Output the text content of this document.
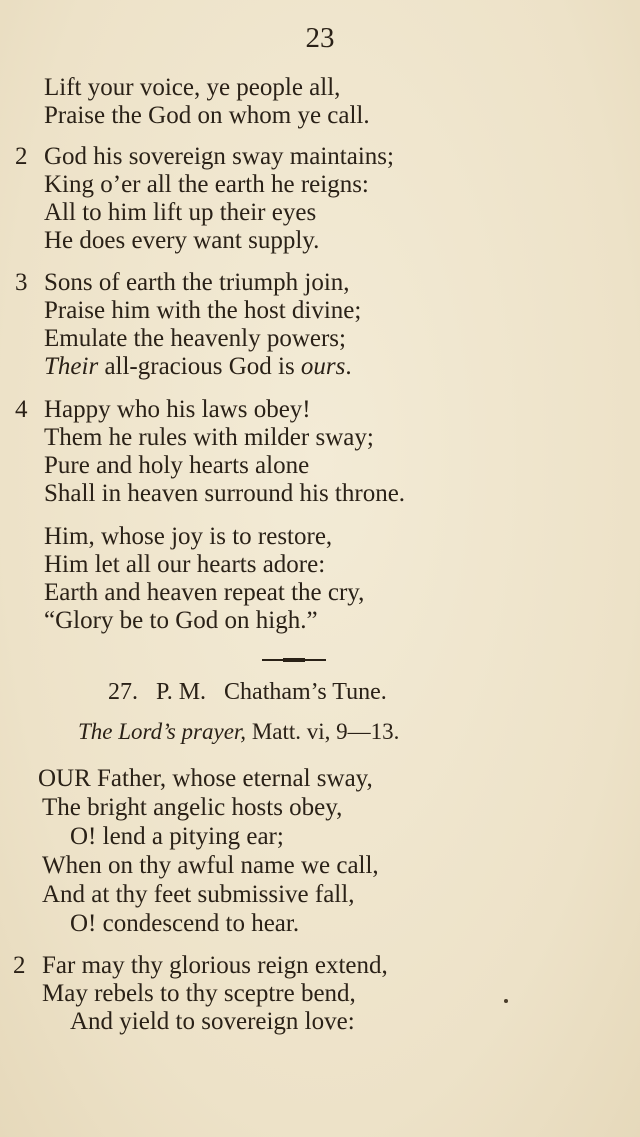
23
Lift your voice, ye people all,
Praise the God on whom ye call.
2 God his sovereign sway maintains;
King o’er all the earth he reigns:
All to him lift up their eyes
He does every want supply.
3 Sons of earth the triumph join,
Praise him with the host divine;
Emulate the heavenly powers;
Their all-gracious God is ours.
4 Happy who his laws obey!
Them he rules with milder sway;
Pure and holy hearts alone
Shall in heaven surround his throne.
Him, whose joy is to restore,
Him let all our hearts adore:
Earth and heaven repeat the cry,
“Glory be to God on high.”
27. P. M. Chatham’s Tune.
The Lord’s prayer, Matt. vi, 9—13.
OUR Father, whose eternal sway,
The bright angelic hosts obey,
O! lend a pitying ear;
When on thy awful name we call,
And at thy feet submissive fall,
O! condescend to hear.
2 Far may thy glorious reign extend,
May rebels to thy sceptre bend,
And yield to sovereign love:
